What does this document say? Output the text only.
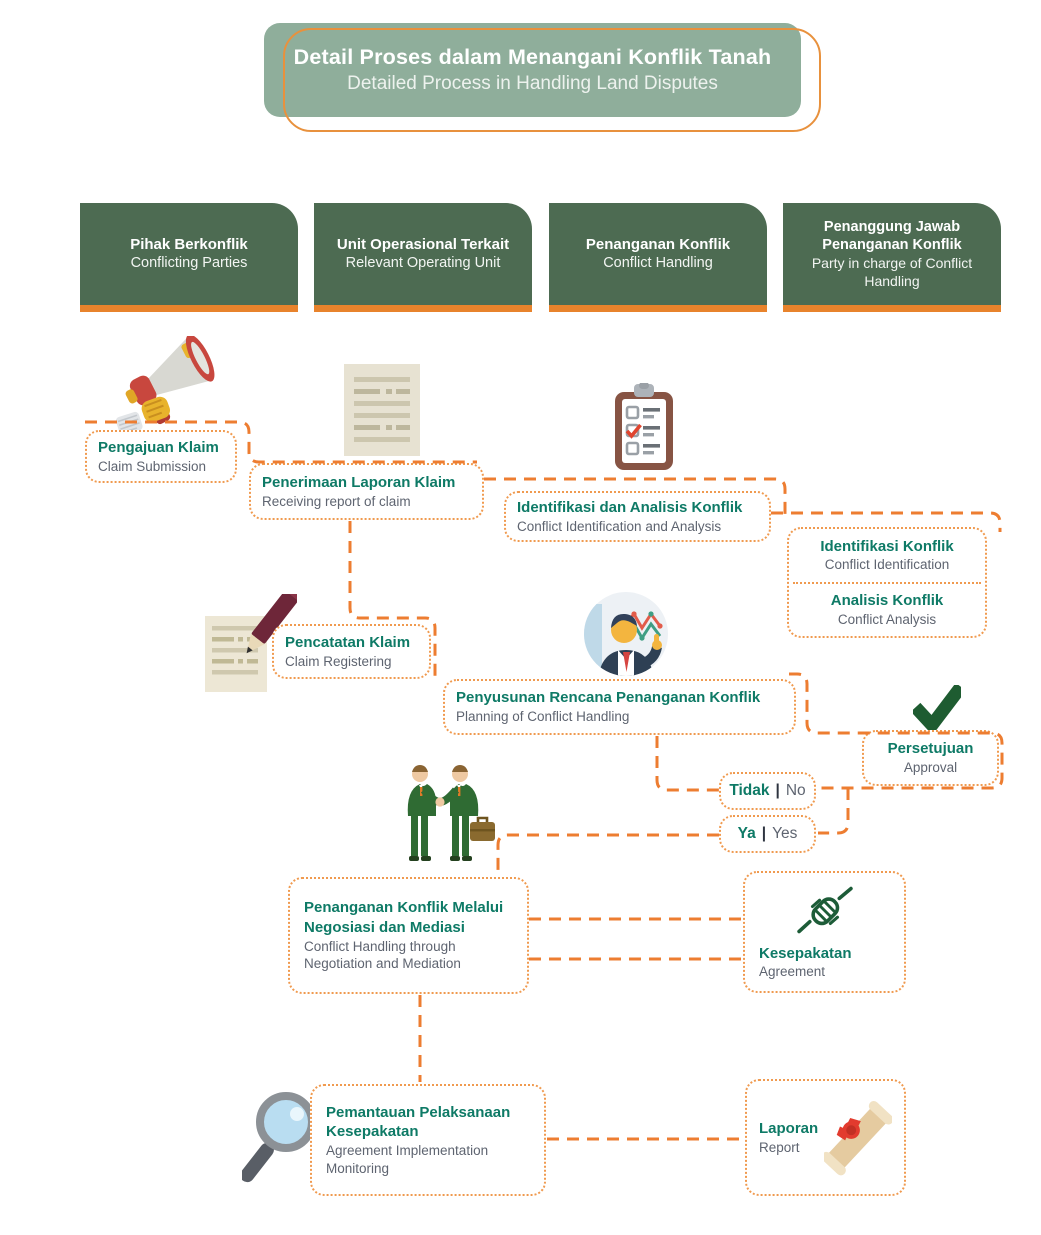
Detail Proses dalam Menangani Konflik Tanah
Detailed Process in Handling Land Disputes
Pihak Berkonflik
Conflicting Parties
Unit Operasional Terkait
Relevant Operating Unit
Penanganan Konflik
Conflict Handling
Penanggung Jawab
Penanganan Konflik
Party in charge of Conflict Handling
Pengajuan Klaim
Claim Submission
Penerimaan Laporan Klaim
Receiving report of claim	Identifikasi dan Analisis Konflik
Conflict Identification and Analysis
Identifikasi Konflik
Conflict Identification
Analisis Konflik
Conflict Analysis
Pencatatan Klaim
Claim Registering
Penyusunan Rencana Penanganan Konflik
Planning of Conflict Handling
Persetujuan
Approval
Tidak | No
Ya | Yes
Penanganan Konflik Melalui
Negosiasi dan Mediasi
Conflict Handling through
Negotiation and Mediation
Kesepakatan
Agreement
Pemantauan Pelaksanaan
Kesepakatan
Agreement Implementation
Monitoring
Laporan
Report
